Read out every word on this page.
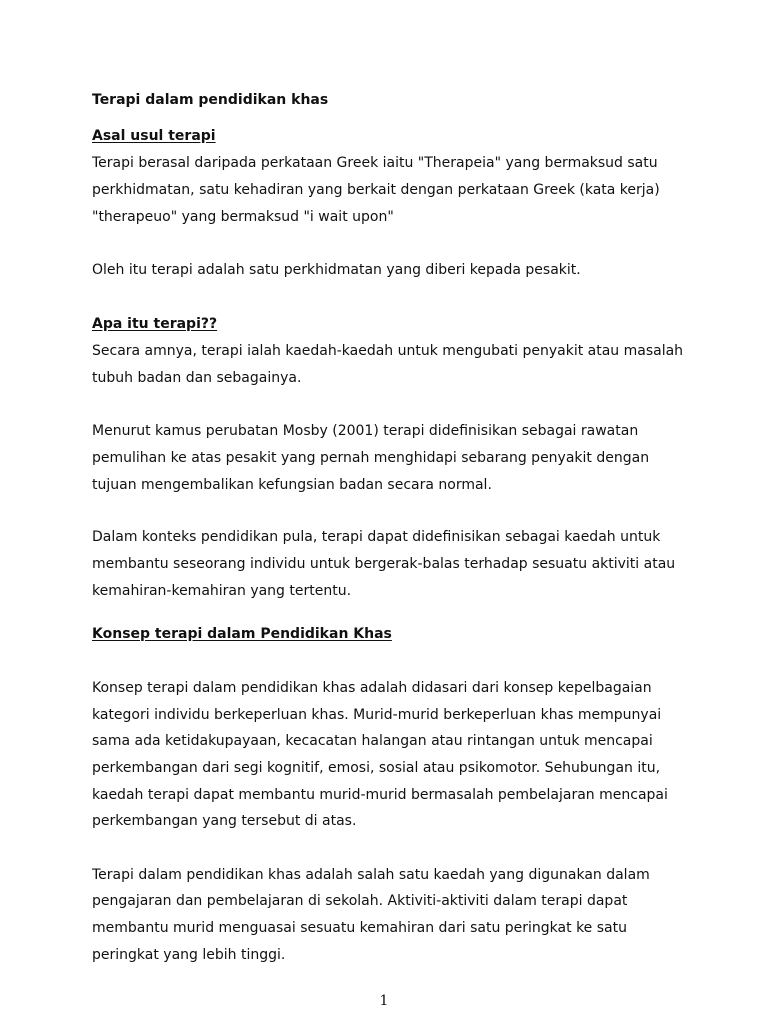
Terapi dalam pendidikan khas
Asal usul terapi
Terapi berasal daripada perkataan Greek iaitu "Therapeia" yang bermaksud satu
perkhidmatan, satu kehadiran yang berkait dengan perkataan Greek (kata kerja)
"therapeuo" yang bermaksud "i wait upon"
Oleh itu terapi adalah satu perkhidmatan yang diberi kepada pesakit.
Apa itu terapi??
Secara amnya, terapi ialah kaedah-kaedah untuk mengubati penyakit atau masalah
tubuh badan dan sebagainya.
Menurut kamus perubatan Mosby (2001) terapi didefinisikan sebagai rawatan
pemulihan ke atas pesakit yang pernah menghidapi sebarang penyakit dengan
tujuan mengembalikan kefungsian badan secara normal.
Dalam konteks pendidikan pula, terapi dapat didefinisikan sebagai kaedah untuk
membantu seseorang individu untuk bergerak-balas terhadap sesuatu aktiviti atau
kemahiran-kemahiran yang tertentu.
Konsep terapi dalam Pendidikan Khas
Konsep terapi dalam pendidikan khas adalah didasari dari konsep kepelbagaian
kategori individu berkeperluan khas. Murid-murid berkeperluan khas mempunyai
sama ada ketidakupayaan, kecacatan halangan atau rintangan untuk mencapai
perkembangan dari segi kognitif, emosi, sosial atau psikomotor. Sehubungan itu,
kaedah terapi dapat membantu murid-murid bermasalah pembelajaran mencapai
perkembangan yang tersebut di atas.
Terapi dalam pendidikan khas adalah salah satu kaedah yang digunakan dalam
pengajaran dan pembelajaran di sekolah. Aktiviti-aktiviti dalam terapi dapat
membantu murid menguasai sesuatu kemahiran dari satu peringkat ke satu
peringkat yang lebih tinggi.
1
